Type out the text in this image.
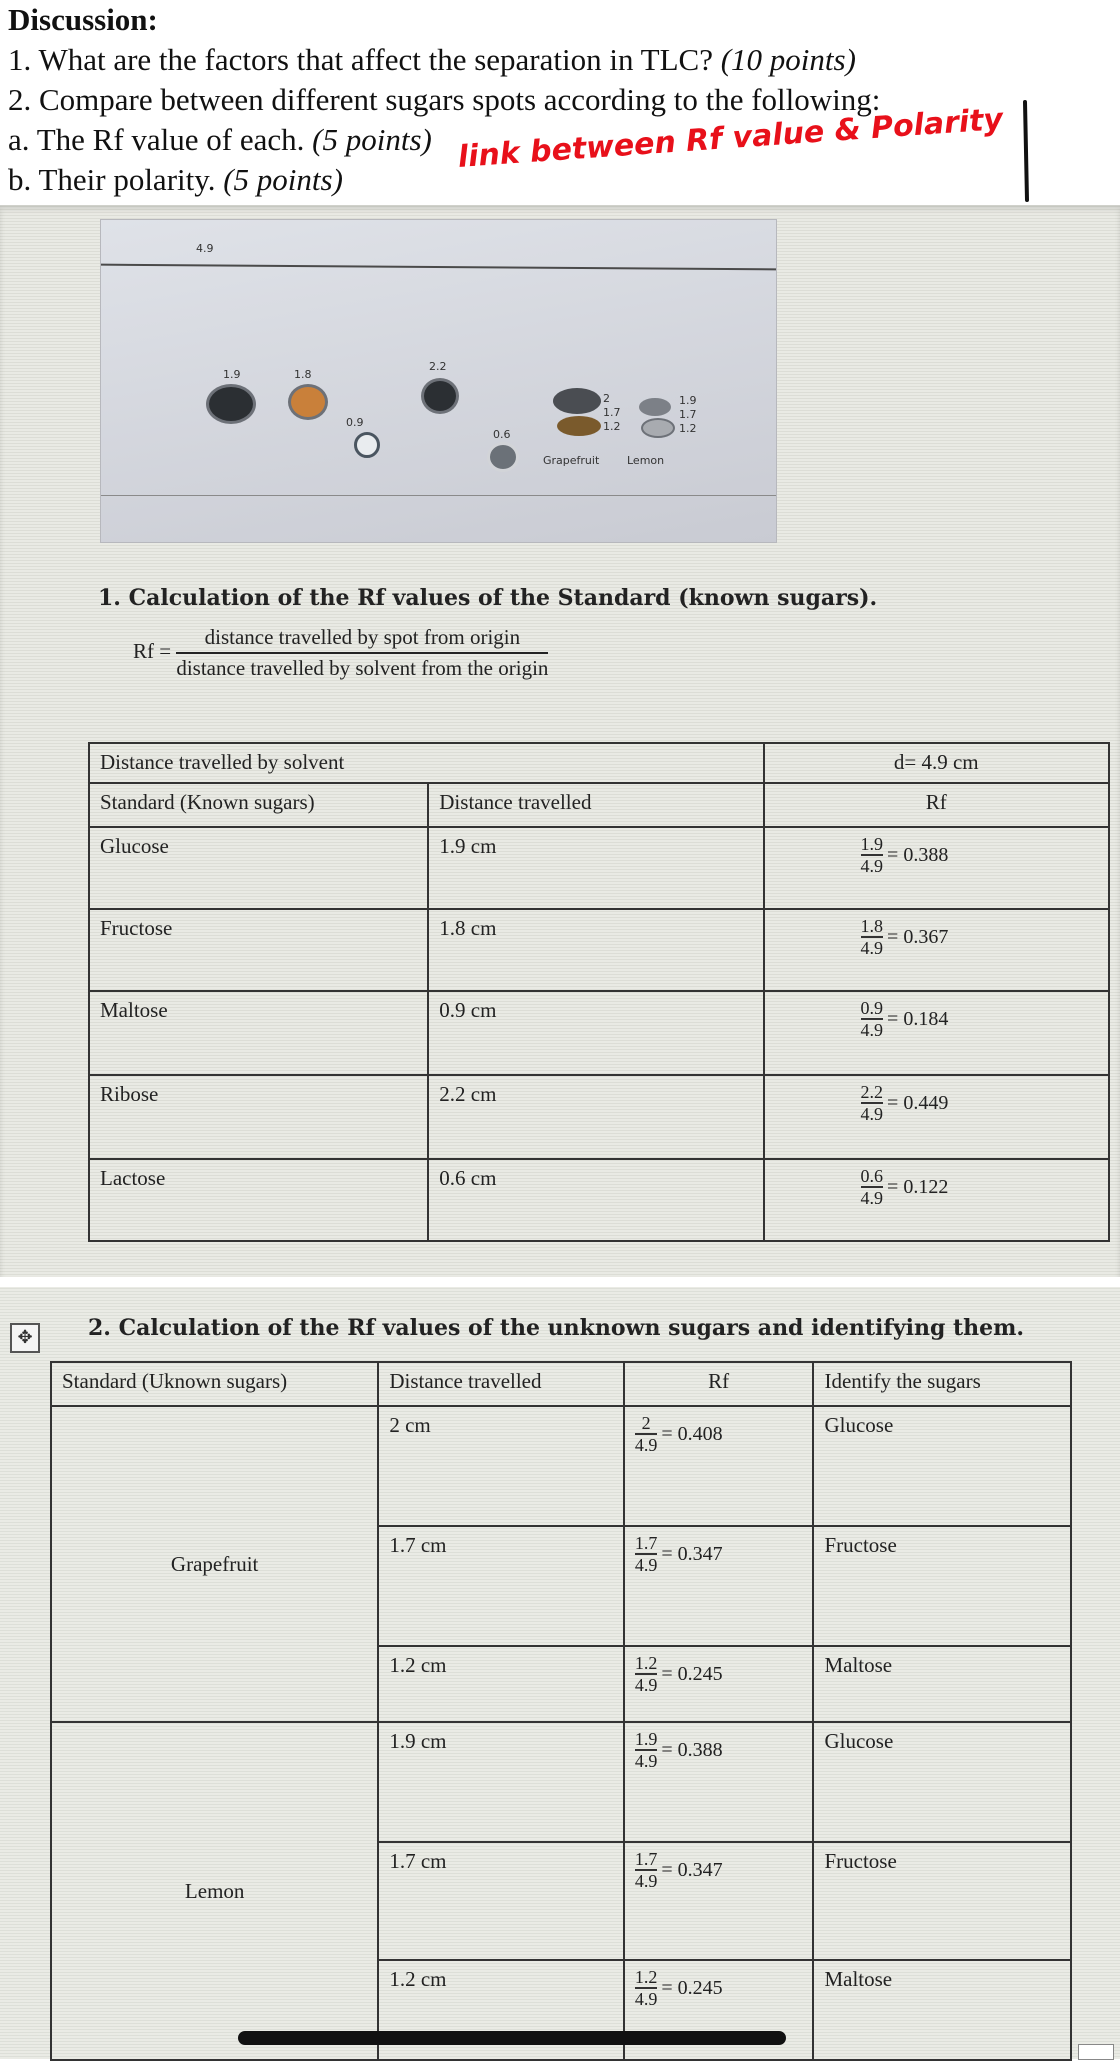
Discussion:
1. What are the factors that affect the separation in TLC? (10 points)
2. Compare between different sugars spots according to the following:
a. The Rf value of each. (5 points)
b. Their polarity. (5 points)
link between Rf value & Polarity
4.9
1.9	1.8
0.9
2.2
0.6
2
1.7
1.2
1.9
1.7
1.2
Grapefruit	Lemon
1. Calculation of the Rf values of the Standard (known sugars).
$Rf = \frac{\text{distance travelled by spot from origin}}{\text{distance travelled by solvent from the origin}}$
Distance travelled by solvent		d= 4.9 cm
Standard (Known sugars)	Distance travelled	Rf
Glucose	1.9 cm	$\frac{1.9}{4.9} = 0.388$
Fructose	1.8 cm	$\frac{1.8}{4.9} = 0.367$
Maltose	0.9 cm	$\frac{0.9}{4.9} = 0.184$
Ribose	2.2 cm	$\frac{2.2}{4.9} = 0.449$
Lactose	0.6 cm	$\frac{0.6}{4.9} = 0.122$
✥	2. Calculation of the Rf values of the unknown sugars and identifying them.
Standard (Uknown sugars)	Distance travelled	Rf	Identify the sugars
Grapefruit	2 cm	$\frac{2}{4.9} = 0.408$	Glucose
	1.7 cm	$\frac{1.7}{4.9} = 0.347$	Fructose
	1.2 cm	$\frac{1.2}{4.9} = 0.245$	Maltose
Lemon	1.9 cm	$\frac{1.9}{4.9} = 0.388$	Glucose
	1.7 cm	$\frac{1.7}{4.9} = 0.347$	Fructose
	1.2 cm	$\frac{1.2}{4.9} = 0.245$	Maltose
